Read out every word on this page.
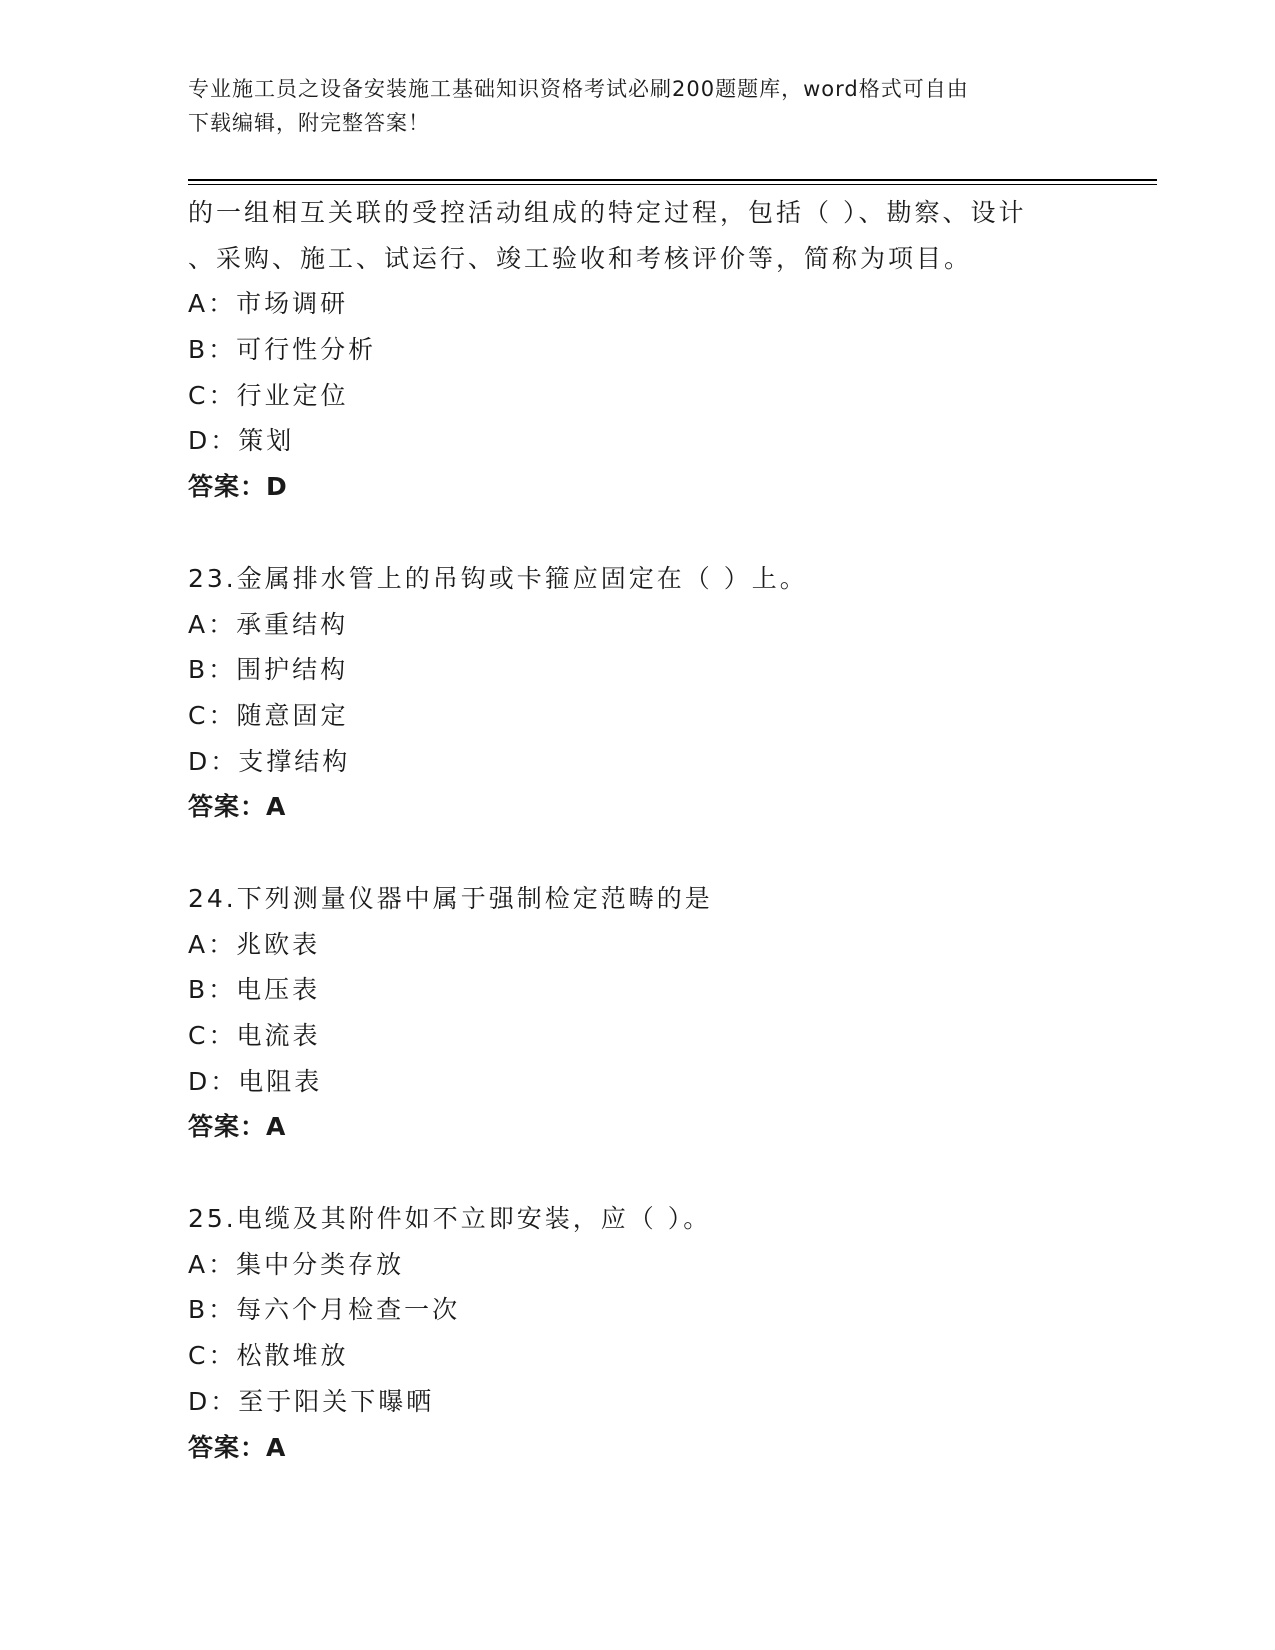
专业施工员之设备安装施工基础知识资格考试必刷200题题库，word格式可自由
下载编辑，附完整答案！
的一组相互关联的受控活动组成的特定过程，包括（ ）、勘察、设计
、采购、施工、试运行、竣工验收和考核评价等，简称为项目。
A：市场调研
B：可行性分析
C：行业定位
D：策划
答案：D
23.金属排水管上的吊钩或卡箍应固定在（ ）上。
A：承重结构
B：围护结构
C：随意固定
D：支撑结构
答案：A
24.下列测量仪器中属于强制检定范畴的是
A：兆欧表
B：电压表
C：电流表
D：电阻表
答案：A
25.电缆及其附件如不立即安装，应（ ）。
A：集中分类存放
B：每六个月检查一次
C：松散堆放
D：至于阳关下曝晒
答案：A
